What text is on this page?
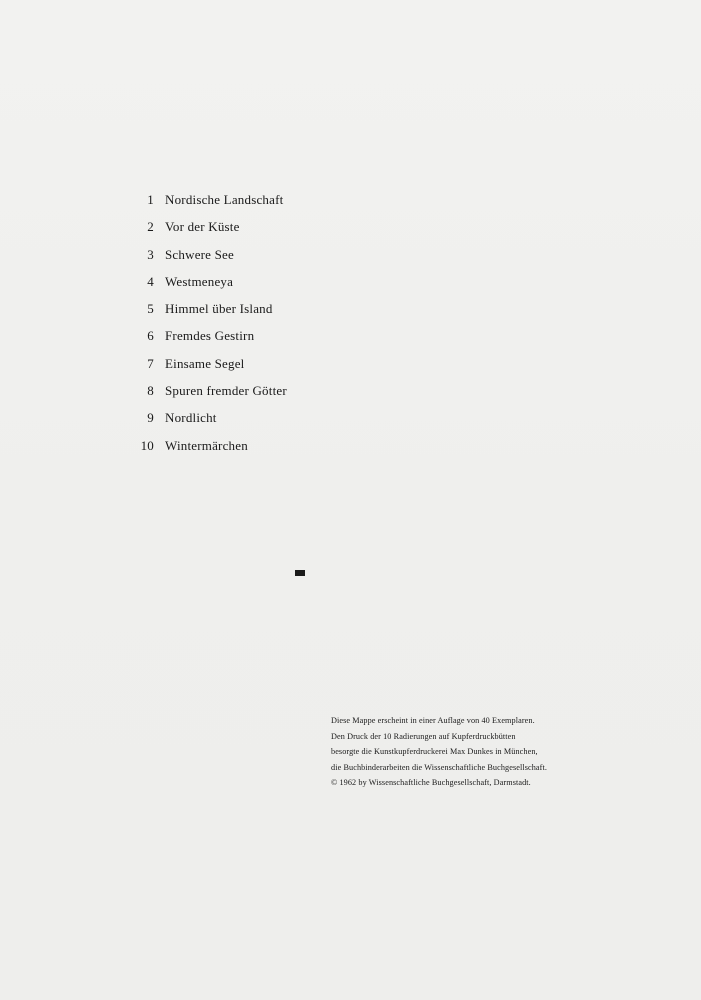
1 Nordische Landschaft
2 Vor der Küste
3 Schwere See
4 Westmeneya
5 Himmel über Island
6 Fremdes Gestirn
7 Einsame Segel
8 Spuren fremder Götter
9 Nordlicht
10 Wintermärchen
Diese Mappe erscheint in einer Auflage von 40 Exemplaren.
Den Druck der 10 Radierungen auf Kupferdruckbütten
besorgte die Kunstkupferdruckerei Max Dunkes in München,
die Buchbinderarbeiten die Wissenschaftliche Buchgesellschaft.
© 1962 by Wissenschaftliche Buchgesellschaft, Darmstadt.
